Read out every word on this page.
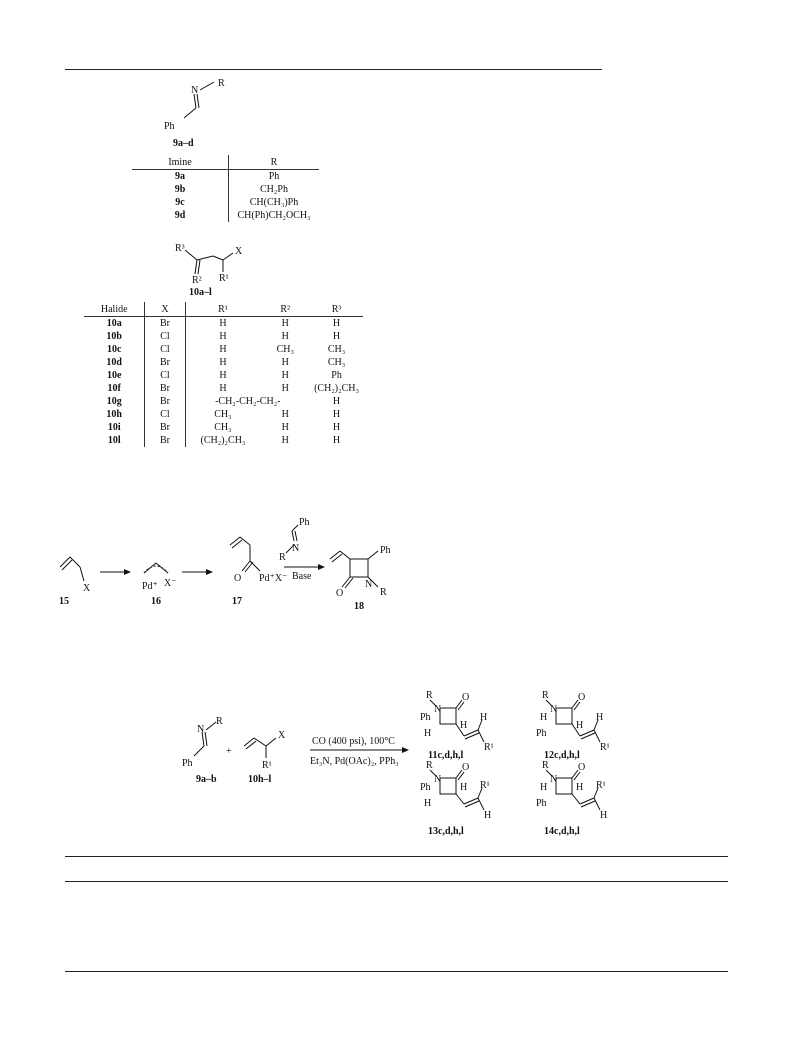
N
R
Ph
9a–d
Imine	R
9a	Ph
9b	CH₂Ph
9c	CH(CH₃)Ph
9d	CH(Ph)CH₂OCH₃
R³
R² R¹
X
10a–l
Halide	X	R¹	R²	R³
10a	Br	H	H	H
10b	Cl	H	H	H
10c	Cl	H	CH₃	CH₃
10d	Br	H	H	CH₃
10e	Cl	H	H	Ph
10f	Br	H	H	(CH₂)₂CH₃
10g	Br	-CH₂-CH₂-CH₂-		H
10h	Cl	CH₃	H	H
10i	Br	CH₃	H	H
10l	Br	(CH₂)₂CH₃	H	H
X
15
Pd⁺ X⁻
16
O Pd⁺X⁻
17
Ph
N
R
Base
Ph
O
N
R
18
N
R
Ph
9a–b
+
X
R¹
10h–l
CO (400 psi), 100°C
Et₃N, Pd(OAc)₂, PPh₃
R
N
O
Ph
H
H
H
R¹
11c,d,h,l
R
N
O
H
Ph
H
H
R¹
12c,d,h,l
R
N
O
Ph
H
H R¹
H
13c,d,h,l
R
N
O
H
Ph
H R¹
H
14c,d,h,l
